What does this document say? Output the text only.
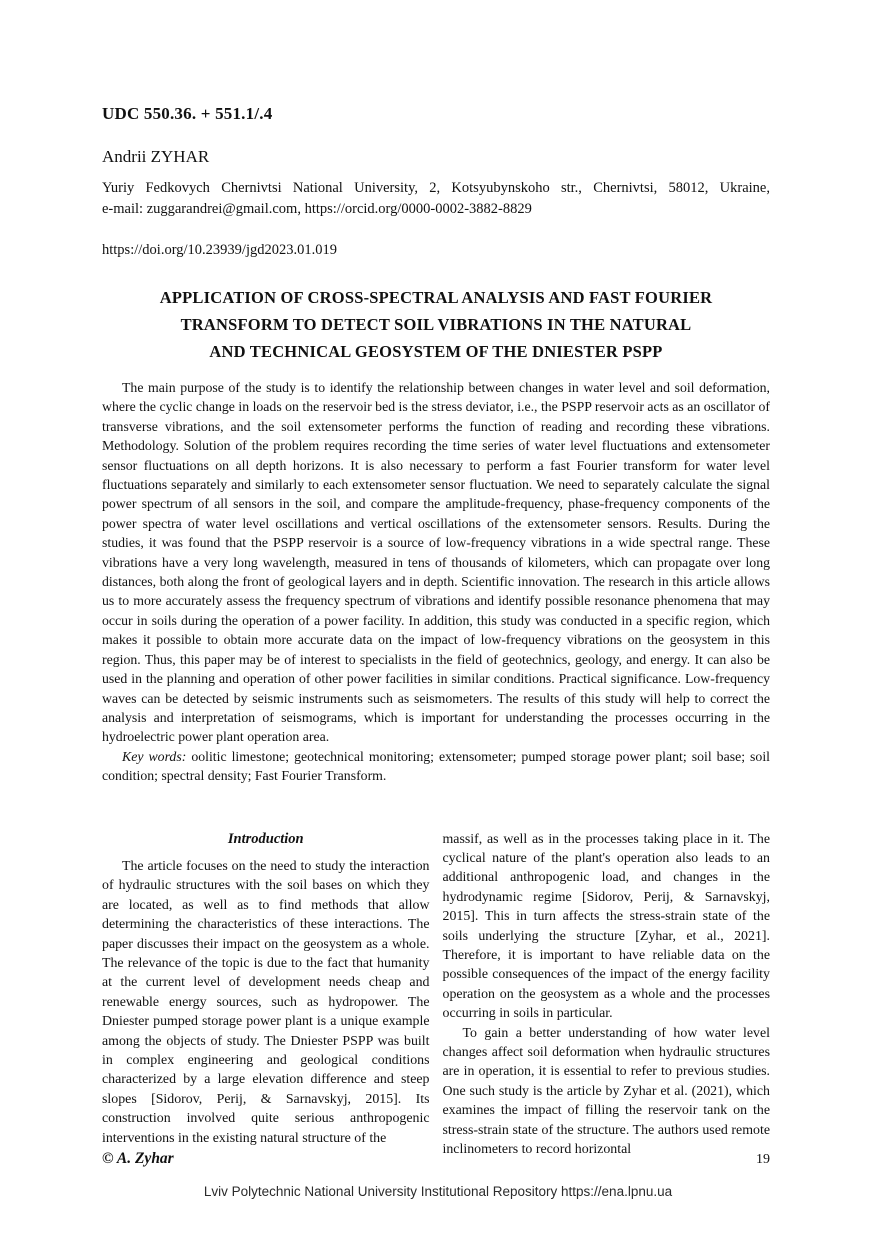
UDC 550.36. + 551.1/.4
Andrii ZYHAR
Yuriy Fedkovych Chernivtsi National University, 2, Kotsyubynskoho str., Chernivtsi, 58012, Ukraine,
e-mail: zuggarandrei@gmail.com, https://orcid.org/0000-0002-3882-8829
https://doi.org/10.23939/jgd2023.01.019
APPLICATION OF CROSS-SPECTRAL ANALYSIS AND FAST FOURIER
TRANSFORM TO DETECT SOIL VIBRATIONS IN THE NATURAL
AND TECHNICAL GEOSYSTEM OF THE DNIESTER PSPP

The main purpose of the study is to identify the relationship between changes in water level and soil deformation, where the cyclic change in loads on the reservoir bed is the stress deviator, i.e., the PSPP reservoir acts as an oscillator of transverse vibrations, and the soil extensometer performs the function of reading and recording these vibrations. Methodology. Solution of the problem requires recording the time series of water level fluctuations and extensometer sensor fluctuations on all depth horizons. It is also necessary to perform a fast Fourier transform for water level fluctuations separately and similarly to each extensometer sensor fluctuation. We need to separately calculate the signal power spectrum of all sensors in the soil, and compare the amplitude-frequency, phase-frequency components of the power spectra of water level oscillations and vertical oscillations of the extensometer sensors. Results. During the studies, it was found that the PSPP reservoir is a source of low-frequency vibrations in a wide spectral range. These vibrations have a very long wavelength, measured in tens of thousands of kilometers, which can propagate over long distances, both along the front of geological layers and in depth. Scientific innovation. The research in this article allows us to more accurately assess the frequency spectrum of vibrations and identify possible resonance phenomena that may occur in soils during the operation of a power facility. In addition, this study was conducted in a specific region, which makes it possible to obtain more accurate data on the impact of low-frequency vibrations on the geosystem in this region. Thus, this paper may be of interest to specialists in the field of geotechnics, geology, and energy. It can also be used in the planning and operation of other power facilities in similar conditions. Practical significance. Low-frequency waves can be detected by seismic instruments such as seismometers. The results of this study will help to correct the analysis and interpretation of seismograms, which is important for understanding the processes occurring in the hydroelectric power plant operation area.

Key words: oolitic limestone; geotechnical monitoring; extensometer; pumped storage power plant; soil base; soil condition; spectral density; Fast Fourier Transform.

Introduction

The article focuses on the need to study the interaction of hydraulic structures with the soil bases on which they are located, as well as to find methods that allow determining the characteristics of these interactions. The paper discusses their impact on the geosystem as a whole. The relevance of the topic is due to the fact that humanity at the current level of development needs cheap and renewable energy sources, such as hydropower. The Dniester pumped storage power plant is a unique example among the objects of study. The Dniester PSPP was built in complex engineering and geological conditions characterized by a large elevation difference and steep slopes [Sidorov, Perij, & Sarnavskyj, 2015]. Its construction involved quite serious anthropogenic interventions in the existing natural structure of the

massif, as well as in the processes taking place in it. The cyclical nature of the plant's operation also leads to an additional anthropogenic load, and changes in the hydrodynamic regime [Sidorov, Perij, & Sarnavskyj, 2015]. This in turn affects the stress-strain state of the soils underlying the structure [Zyhar, et al., 2021]. Therefore, it is important to have reliable data on the possible consequences of the impact of the energy facility operation on the geosystem as a whole and the processes occurring in soils in particular.

To gain a better understanding of how water level changes affect soil deformation when hydraulic structures are in operation, it is essential to refer to previous studies. One such study is the article by Zyhar et al. (2021), which examines the impact of filling the reservoir tank on the stress-strain state of the structure. The authors used remote inclinometers to record horizontal

© A. Zyhar	19
Lviv Polytechnic National University Institutional Repository https://ena.lpnu.ua
